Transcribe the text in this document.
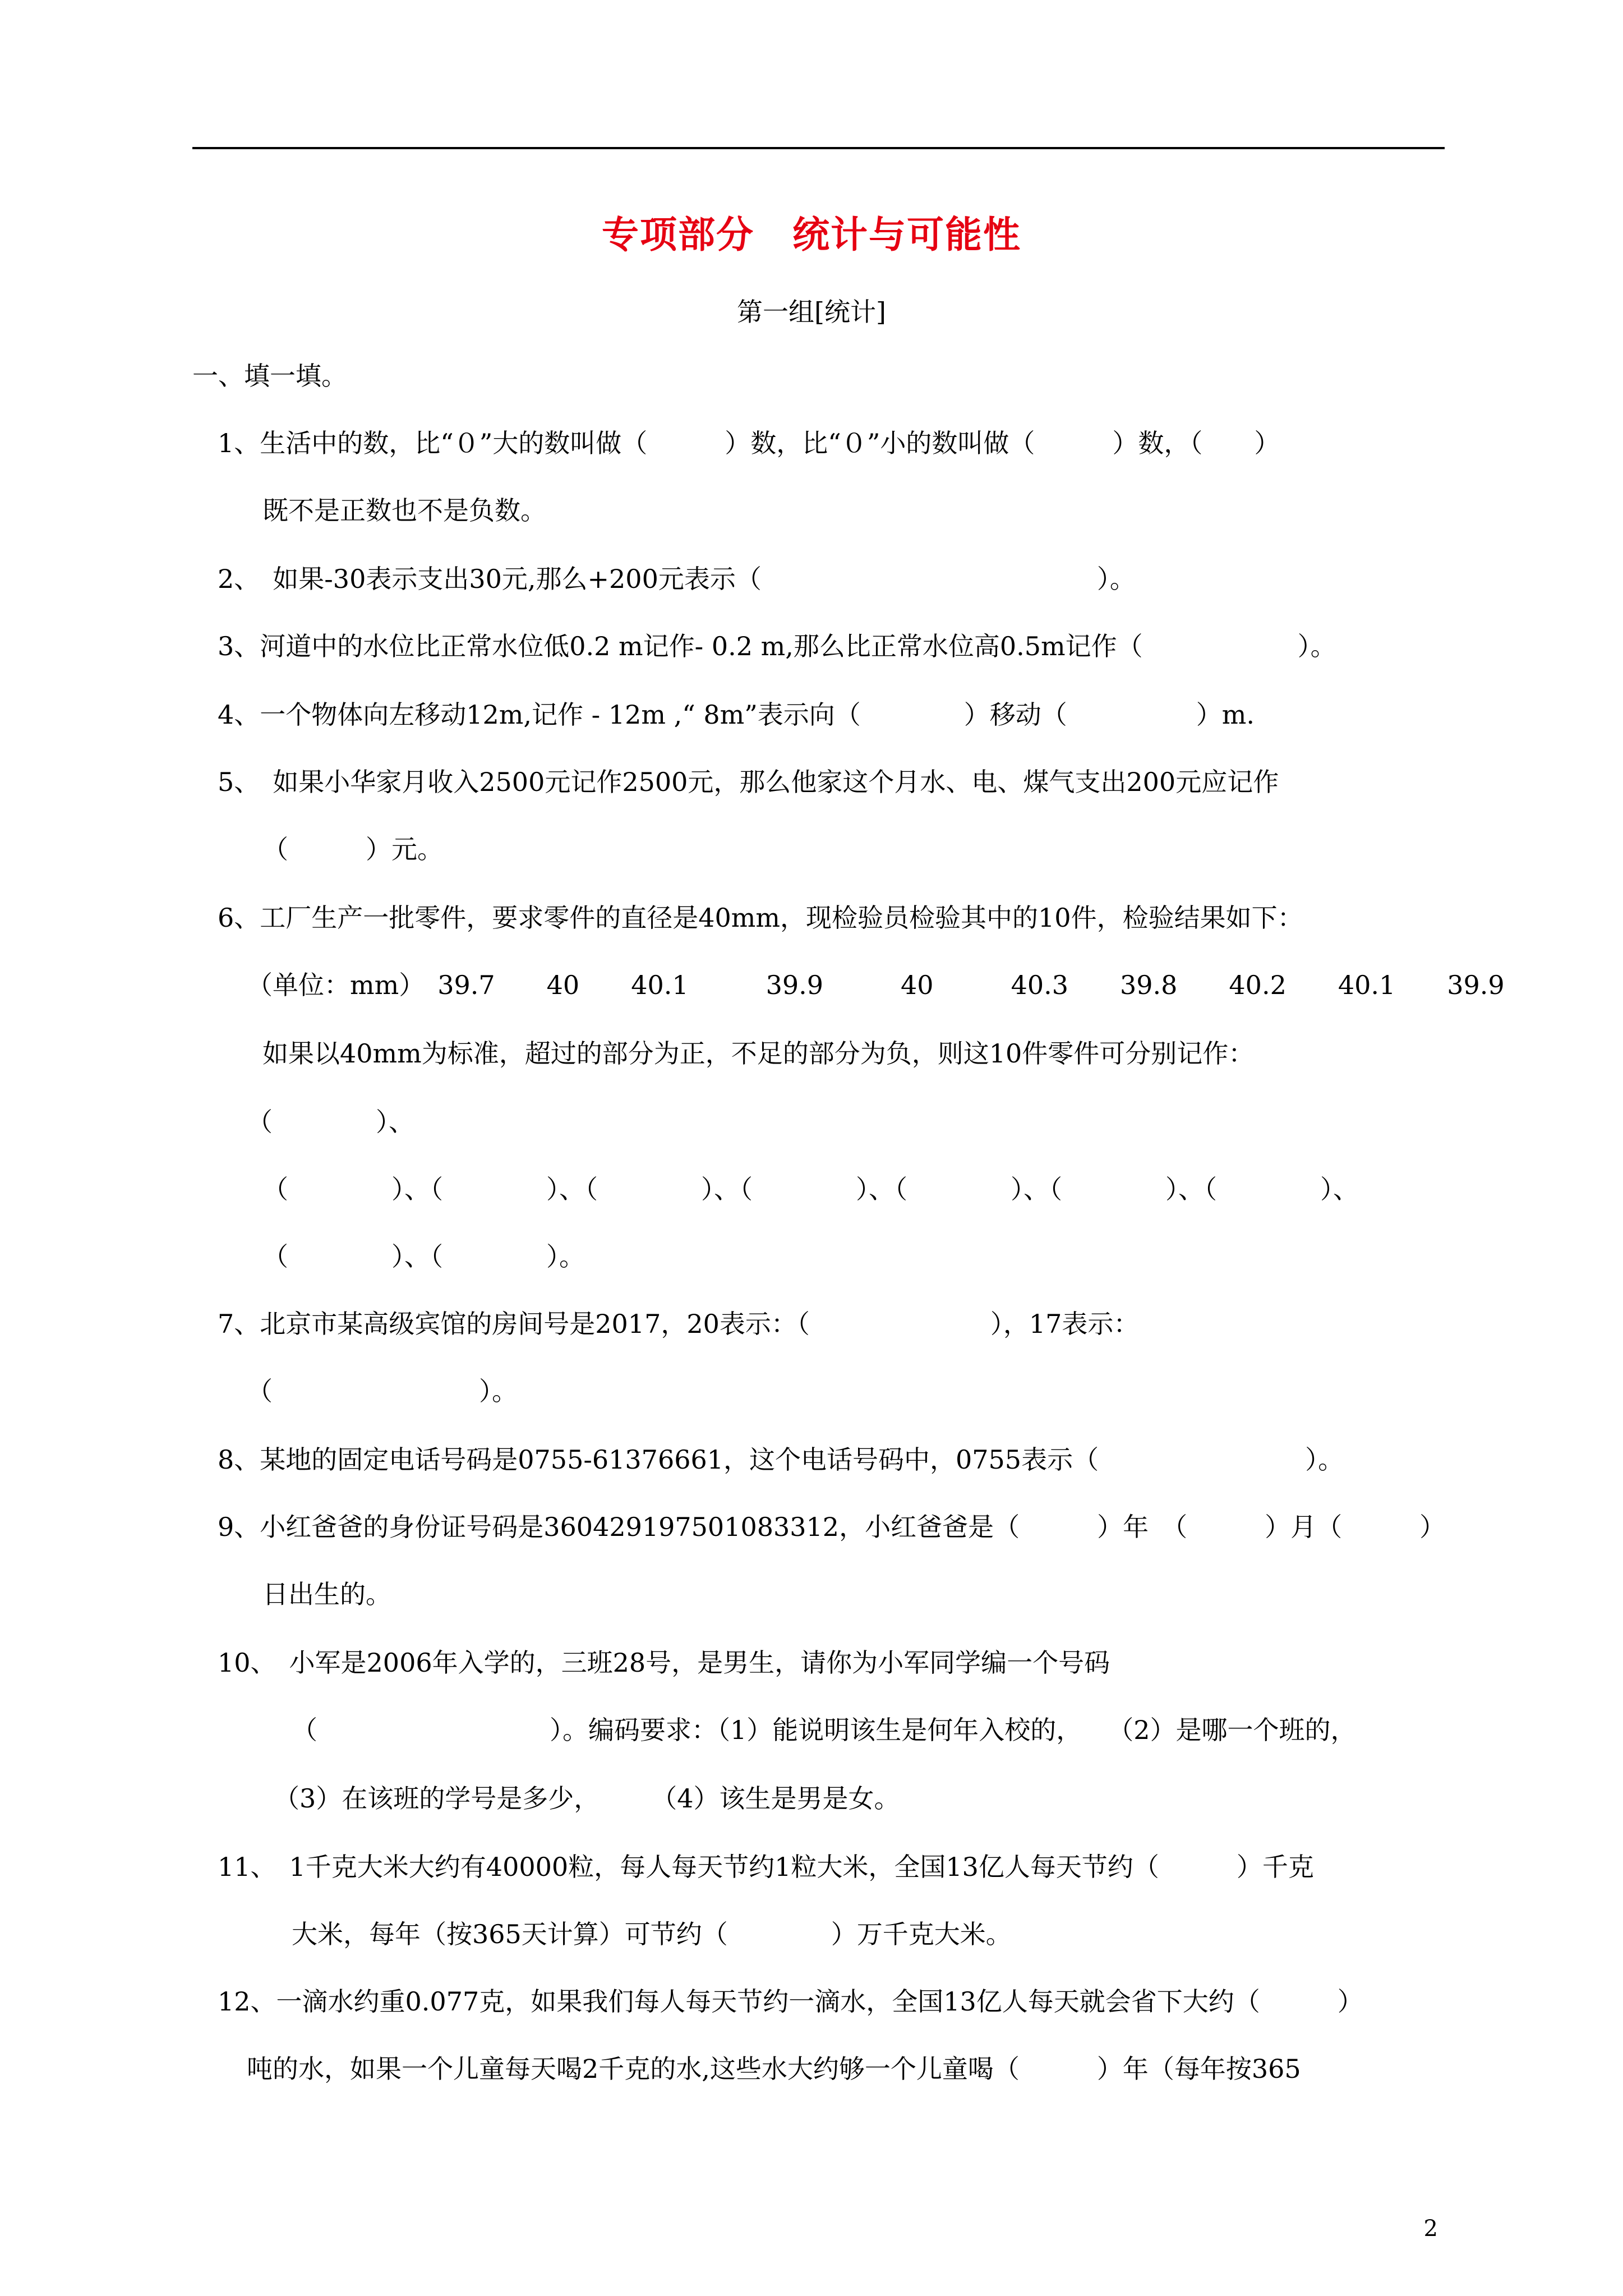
专项部分　统计与可能性
第一组[统计]
一、填一填。
1、生活中的数，比“０”大的数叫做（　　　）数，比“０”小的数叫做（　　　）数，（　　）
既不是正数也不是负数。
2、　如果-30表示支出30元,那么+200元表示（　　　　　　　　　　　　　）。
3、河道中的水位比正常水位低0.2 m记作- 0.2 m,那么比正常水位高0.5m记作（　　　　　　）。
4、一个物体向左移动12m,记作 - 12m ,“ 8m”表示向（　　　　）移动（　　　　　）m.
5、　如果小华家月收入2500元记作2500元，那么他家这个月水、电、煤气支出200元应记作
（　　　）元。
6、工厂生产一批零件，要求零件的直径是40mm，现检验员检验其中的10件，检验结果如下：
（单位：mm）　39.7　　40　　40.1　　　39.9　　　40　　　40.3　　39.8　　40.2　　40.1　　39.9
如果以40mm为标准，超过的部分为正，不足的部分为负，则这10件零件可分别记作：
（　　　　）、
（　　　　）、（　　　　）、（　　　　）、（　　　　）、（　　　　）、（　　　　）、（　　　　）、
（　　　　）、（　　　　）。
7、北京市某高级宾馆的房间号是2017，20表示：（　　　　　　　），17表示：
（　　　　　　　　）。
8、某地的固定电话号码是0755-61376661，这个电话号码中，0755表示（　　　　　　　　）。
9、小红爸爸的身份证号码是360429197501083312，小红爸爸是（　　　）年　（　　　）月（　　　）
日出生的。
10、　小军是2006年入学的，三班28号，是男生，请你为小军同学编一个号码
（　　　　　　　　　）。编码要求：（1）能说明该生是何年入校的，　　（2）是哪一个班的，
（3）在该班的学号是多少，　　　（4）该生是男是女。
11、　1千克大米大约有40000粒，每人每天节约1粒大米，全国13亿人每天节约（　　　）千克
大米，每年（按365天计算）可节约（　　　　）万千克大米。
12、一滴水约重0.077克，如果我们每人每天节约一滴水，全国13亿人每天就会省下大约（　　　）
吨的水，如果一个儿童每天喝2千克的水,这些水大约够一个儿童喝（　　　）年（每年按365
2
